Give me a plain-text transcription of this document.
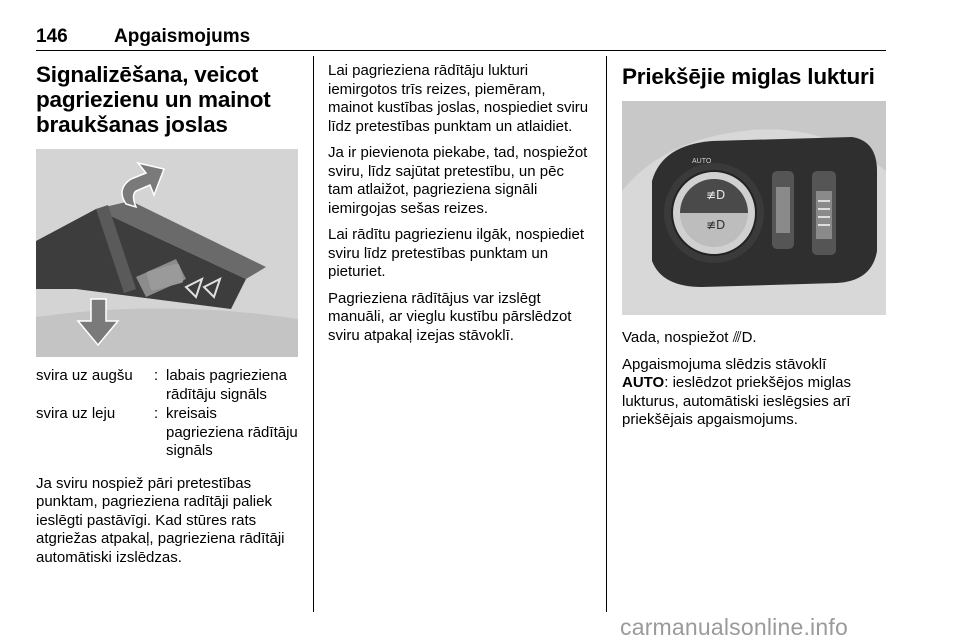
146 Apgaismojums
Signalizēšana, veicot pagriezienu un mainot braukšanas joslas
svira uz augšu	: labais pagrieziena rādītāju signāls
svira uz leju	: kreisais pagrieziena rādītāju signāls

Ja sviru nospiež pāri pretestības punktam, pagrieziena radītāji paliek ieslēgti pastāvīgi. Kad stūres rats atgriežas atpakaļ, pagrieziena rādītāji automātiski izslēdzas.

Lai pagrieziena rādītāju lukturi iemirgotos trīs reizes, piemēram, mainot kustības joslas, nospiediet sviru līdz pretestības punktam un atlaidiet.

Ja ir pievienota piekabe, tad, nospiežot sviru, līdz sajūtat pretestību, un pēc tam atlaižot, pagrieziena signāli iemirgojas sešas reizes.

Lai rādītu pagriezienu ilgāk, nospiediet sviru līdz pretestības punktam un pieturiet.

Pagrieziena rādītājus var izslēgt manuāli, ar vieglu kustību pārslēdzot sviru atpakaļ izejas stāvoklī.

Priekšējie miglas lukturi
≢D
≢D
AUTO

Vada, nospiežot ⫻D.

Apgaismojuma slēdzis stāvoklī
AUTO: ieslēdzot priekšējos miglas lukturus, automātiski ieslēgsies arī priekšējais apgaismojums.

carmanualsonline.info
